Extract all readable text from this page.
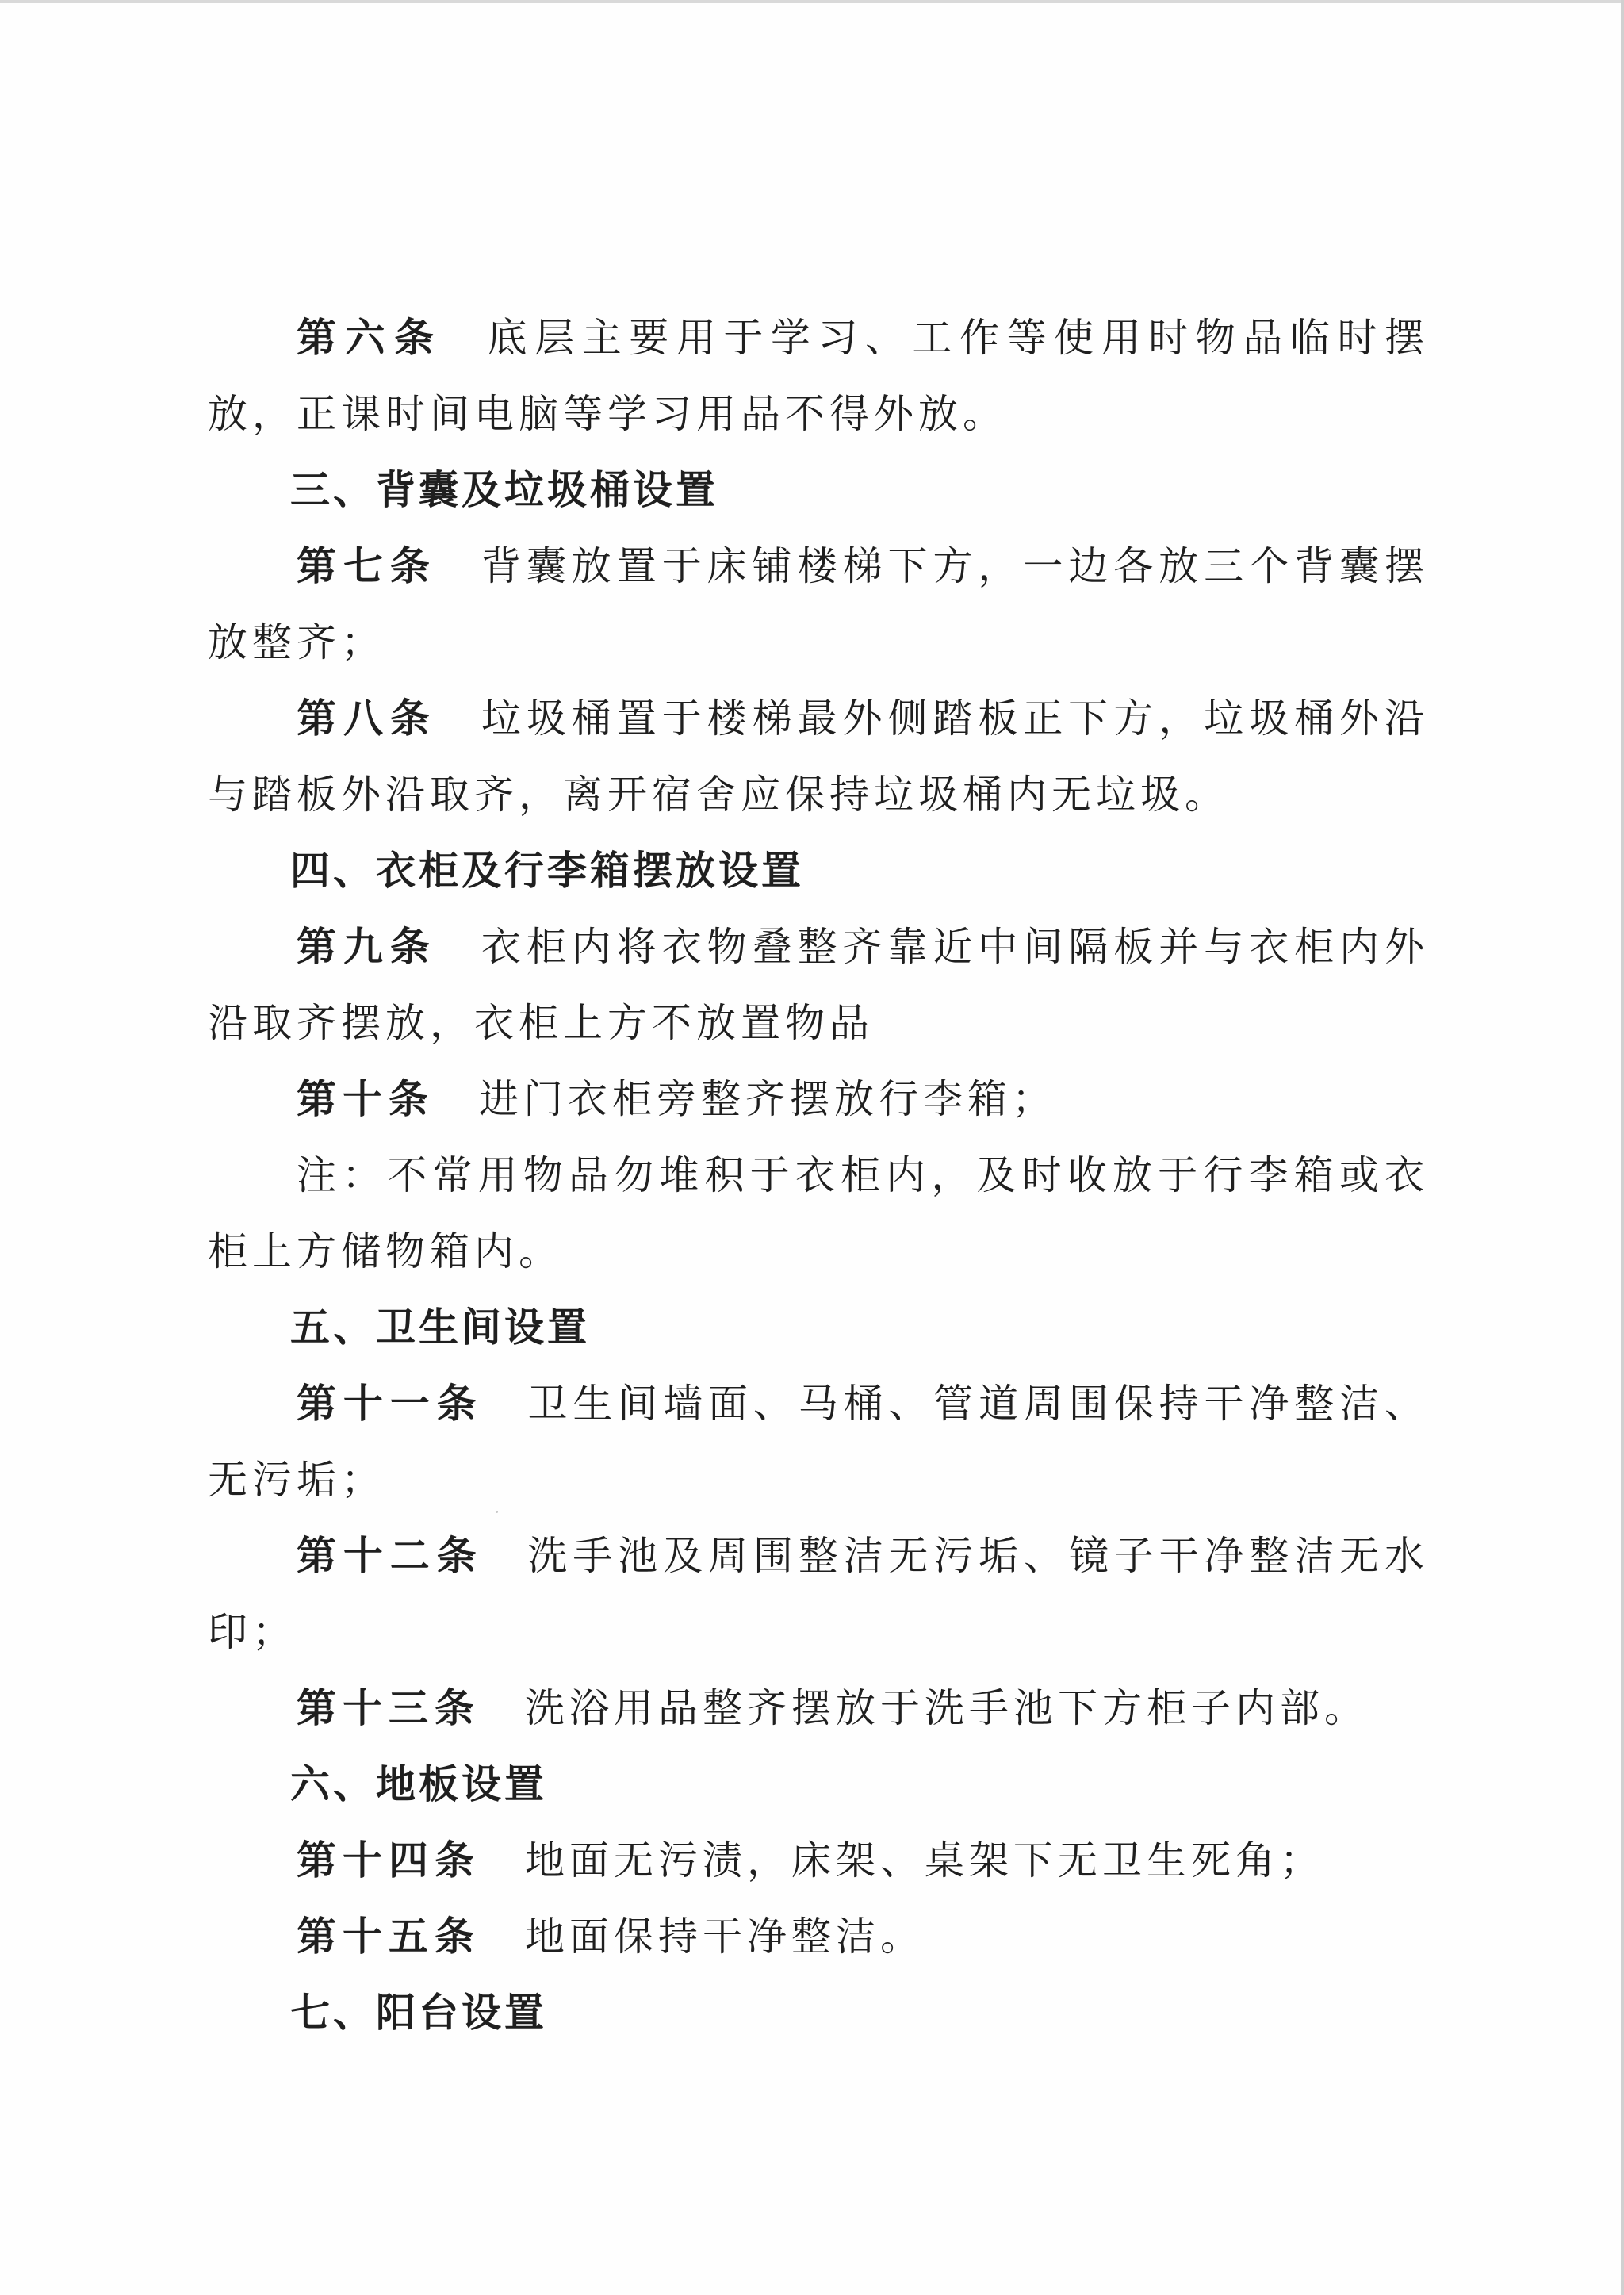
第六条 底层主要用于学习、工作等使用时物品临时摆放，正课时间电脑等学习用品不得外放。

三、背囊及垃圾桶设置

第七条 背囊放置于床铺楼梯下方，一边各放三个背囊摆放整齐；

第八条 垃圾桶置于楼梯最外侧踏板正下方，垃圾桶外沿与踏板外沿取齐，离开宿舍应保持垃圾桶内无垃圾。

四、衣柜及行李箱摆放设置

第九条 衣柜内将衣物叠整齐靠近中间隔板并与衣柜内外沿取齐摆放，衣柜上方不放置物品

第十条 进门衣柜旁整齐摆放行李箱；

注：不常用物品勿堆积于衣柜内，及时收放于行李箱或衣柜上方储物箱内。

五、卫生间设置

第十一条 卫生间墙面、马桶、管道周围保持干净整洁、无污垢；

第十二条 洗手池及周围整洁无污垢、镜子干净整洁无水印；

第十三条 洗浴用品整齐摆放于洗手池下方柜子内部。

六、地板设置

第十四条 地面无污渍，床架、桌架下无卫生死角；

第十五条 地面保持干净整洁。

七、阳台设置
